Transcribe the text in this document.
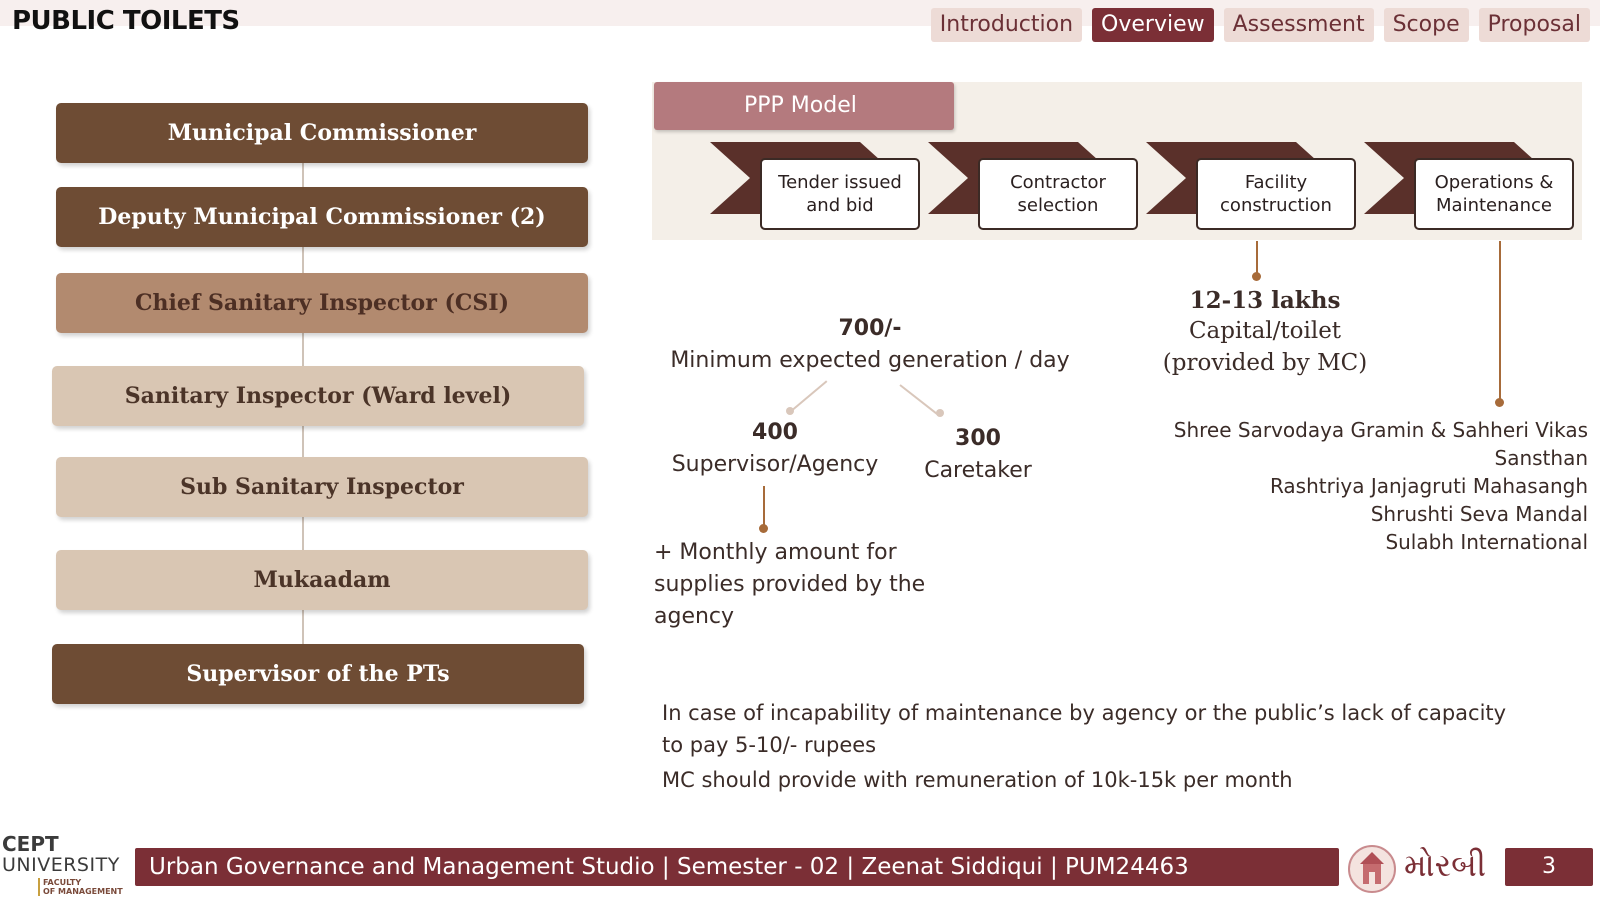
PUBLIC TOILETS	Introduction	Overview	Assessment	Scope	Proposal
Municipal Commissioner
Deputy Municipal Commissioner (2)
Chief Sanitary Inspector (CSI)
Sanitary Inspector (Ward level)
Sub Sanitary Inspector
Mukaadam
Supervisor of the PTs
PPP Model
Tender issued and bid
Contractor selection
Facility construction
Operations & Maintenance
700/-
Minimum expected generation / day
400
Supervisor/Agency
300
Caretaker
+ Monthly amount for supplies provided by the agency
12-13 lakhs
Capital/toilet
(provided by MC)
Shree Sarvodaya Gramin & Sahheri Vikas
Sansthan
Rashtriya Janjagruti Mahasangh
Shrushti Seva Mandal
Sulabh International
In case of incapability of maintenance by agency or the public’s lack of capacity
to pay 5-10/- rupees
MC should provide with remuneration of 10k-15k per month
CEPT
UNIVERSITY
FACULTY
OF MANAGEMENT
Urban Governance and Management Studio | Semester - 02 | Zeenat Siddiqui | PUM24463	મોરબી	3
